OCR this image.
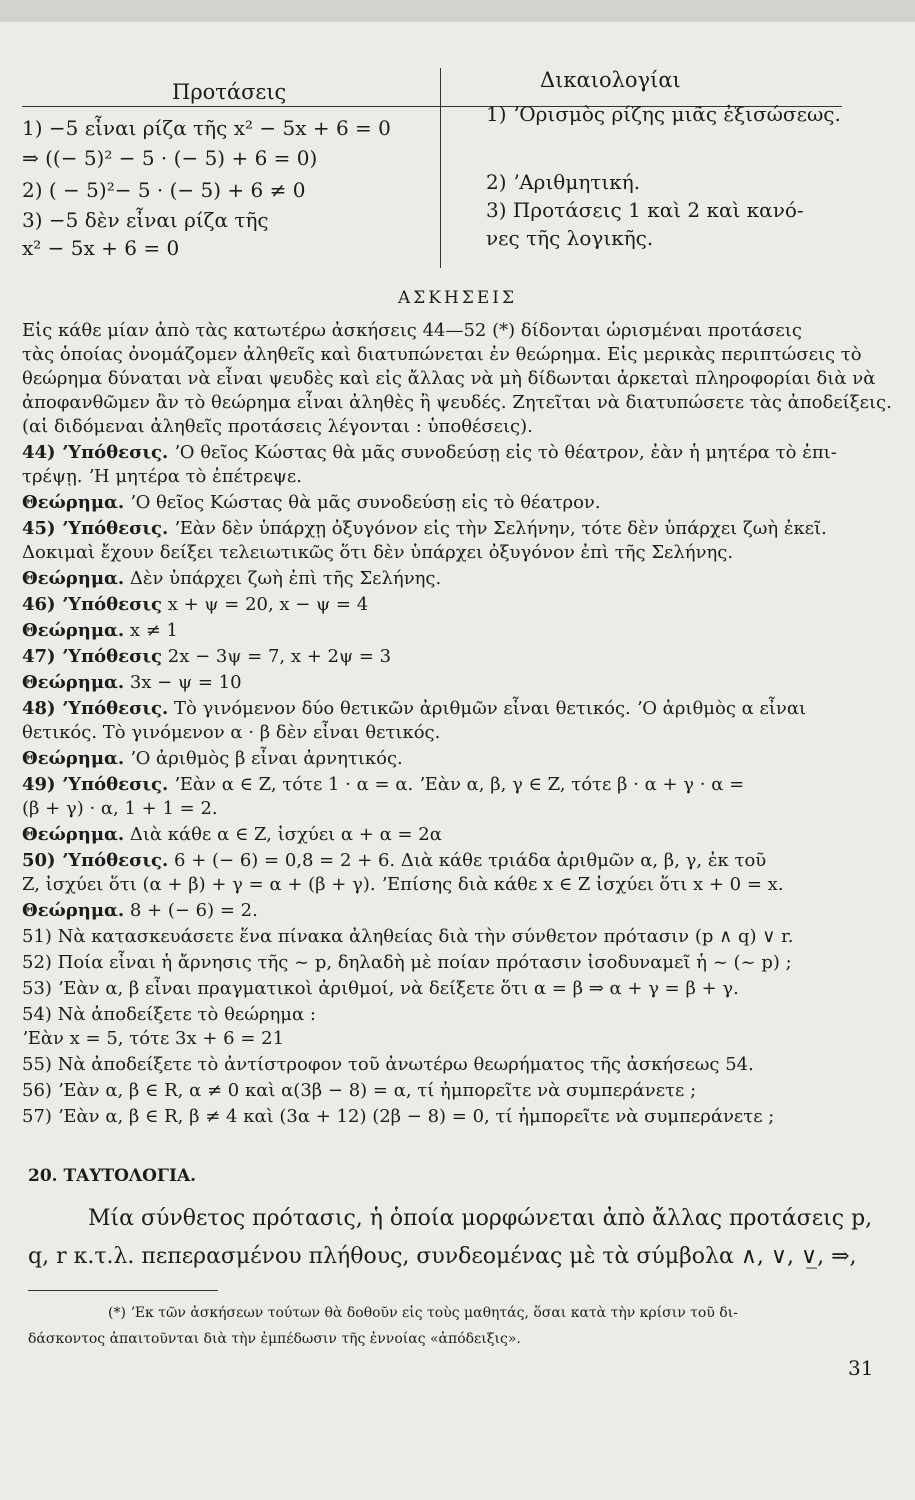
Προτάσεις	Δικαιολογίαι
1) −5 εἶναι ρίζα τῆς x² − 5x + 6 = 0
⇒ ((− 5)² − 5 · (− 5) + 6 = 0)
2) ( − 5)²− 5 · (− 5) + 6 ≠ 0
3) −5 δὲν εἶναι ρίζα τῆς
x² − 5x + 6 = 0
1) ʼΟρισμὸς ρίζης μιᾶς ἐξισώσεως.
2) ʼΑριθμητική.
3) Προτάσεις 1 καὶ 2 καὶ κανό-
νες τῆς λογικῆς.
ΑΣΚΗΣΕΙΣ
Εἰς κάθε μίαν ἀπὸ τὰς κατωτέρω ἀσκήσεις 44—52 (*) δίδονται ὡρισμέναι προτάσεις
τὰς ὁποίας ὀνομάζομεν ἀληθεῖς καὶ διατυπώνεται ἐν θεώρημα. Εἰς μερικὰς περιπτώσεις τὸ
θεώρημα δύναται νὰ εἶναι ψευδὲς καὶ εἰς ἄλλας νὰ μὴ δίδωνται ἀρκεταὶ πληροφορίαι διὰ νὰ
ἀποφανθῶμεν ἂν τὸ θεώρημα εἶναι ἀληθὲς ἢ ψευδές. Ζητεῖται νὰ διατυπώσετε τὰς ἀποδείξεις.
(αἱ διδόμεναι ἀληθεῖς προτάσεις λέγονται : ὑποθέσεις).
44) ʼΥπόθεσις. ʼΟ θεῖος Κώστας θὰ μᾶς συνοδεύσῃ εἰς τὸ θέατρον, ἐὰν ἡ μητέρα τὸ ἐπι-
τρέψῃ. ʼΗ μητέρα τὸ ἐπέτρεψε.
Θεώρημα. ʼΟ θεῖος Κώστας θὰ μᾶς συνοδεύσῃ εἰς τὸ θέατρον.
45) ʼΥπόθεσις. ʼΕὰν δὲν ὑπάρχῃ ὀξυγόνον εἰς τὴν Σελήνην, τότε δὲν ὑπάρχει ζωὴ ἐκεῖ.
Δοκιμαὶ ἔχουν δείξει τελειωτικῶς ὅτι δὲν ὑπάρχει ὀξυγόνον ἐπὶ τῆς Σελήνης.
Θεώρημα. Δὲν ὑπάρχει ζωὴ ἐπὶ τῆς Σελήνης.
46) ʼΥπόθεσις x + ψ = 20, x − ψ = 4
Θεώρημα. x ≠ 1
47) ʼΥπόθεσις 2x − 3ψ = 7, x + 2ψ = 3
Θεώρημα. 3x − ψ = 10
48) ʼΥπόθεσις. Τὸ γινόμενον δύο θετικῶν ἀριθμῶν εἶναι θετικός. ʼΟ ἀριθμὸς α εἶναι
θετικός. Τὸ γινόμενον α · β δὲν εἶναι θετικός.
Θεώρημα. ʼΟ ἀριθμὸς β εἶναι ἀρνητικός.
49) ʼΥπόθεσις. ʼΕὰν α ∈ Z, τότε 1 · α = α. ʼΕὰν α, β, γ ∈ Z, τότε β · α + γ · α =
(β + γ) · α, 1 + 1 = 2.
Θεώρημα. Διὰ κάθε α ∈ Z, ἰσχύει α + α = 2α
50) ʼΥπόθεσις. 6 + (− 6) = 0,8 = 2 + 6. Διὰ κάθε τριάδα ἀριθμῶν α, β, γ, ἐκ τοῦ
Z, ἰσχύει ὅτι (α + β) + γ = α + (β + γ). ʼΕπίσης διὰ κάθε x ∈ Z ἰσχύει ὅτι x + 0 = x.
Θεώρημα. 8 + (− 6) = 2.
51) Νὰ κατασκευάσετε ἕνα πίνακα ἀληθείας διὰ τὴν σύνθετον πρότασιν (p ∧ q) ∨ r.
52) Ποία εἶναι ἡ ἄρνησις τῆς ~ p, δηλαδὴ μὲ ποίαν πρότασιν ἰσοδυναμεῖ ἡ ~ (~ p) ;
53) ʼΕὰν α, β εἶναι πραγματικοὶ ἀριθμοί, νὰ δείξετε ὅτι α = β ⇒ α + γ = β + γ.
54) Νὰ ἀποδείξετε τὸ θεώρημα :
ʼΕὰν x = 5, τότε 3x + 6 = 21
55) Νὰ ἀποδείξετε τὸ ἀντίστροφον τοῦ ἀνωτέρω θεωρήματος τῆς ἀσκήσεως 54.
56) ʼΕὰν α, β ∈ R, α ≠ 0 καὶ α(3β − 8) = α, τί ἠμπορεῖτε νὰ συμπεράνετε ;
57) ʼΕὰν α, β ∈ R, β ≠ 4 καὶ (3α + 12) (2β − 8) = 0, τί ἠμπορεῖτε νὰ συμπεράνετε ;
20. ΤΑΥΤΟΛΟΓΙΑ.
Μία σύνθετος πρότασις, ἡ ὁποία μορφώνεται ἀπὸ ἄλλας προτάσεις p,
q, r κ.τ.λ. πεπερασμένου πλήθους, συνδεομένας μὲ τὰ σύμβολα ∧, ∨, ∨̲, ⇒,
(*) ʼΕκ τῶν ἀσκήσεων τούτων θὰ δοθοῦν εἰς τοὺς μαθητάς, ὅσαι κατὰ τὴν κρίσιν τοῦ δι-
δάσκοντος ἀπαιτοῦνται διὰ τὴν ἐμπέδωσιν τῆς ἐννοίας «ἀπόδειξις».
31
